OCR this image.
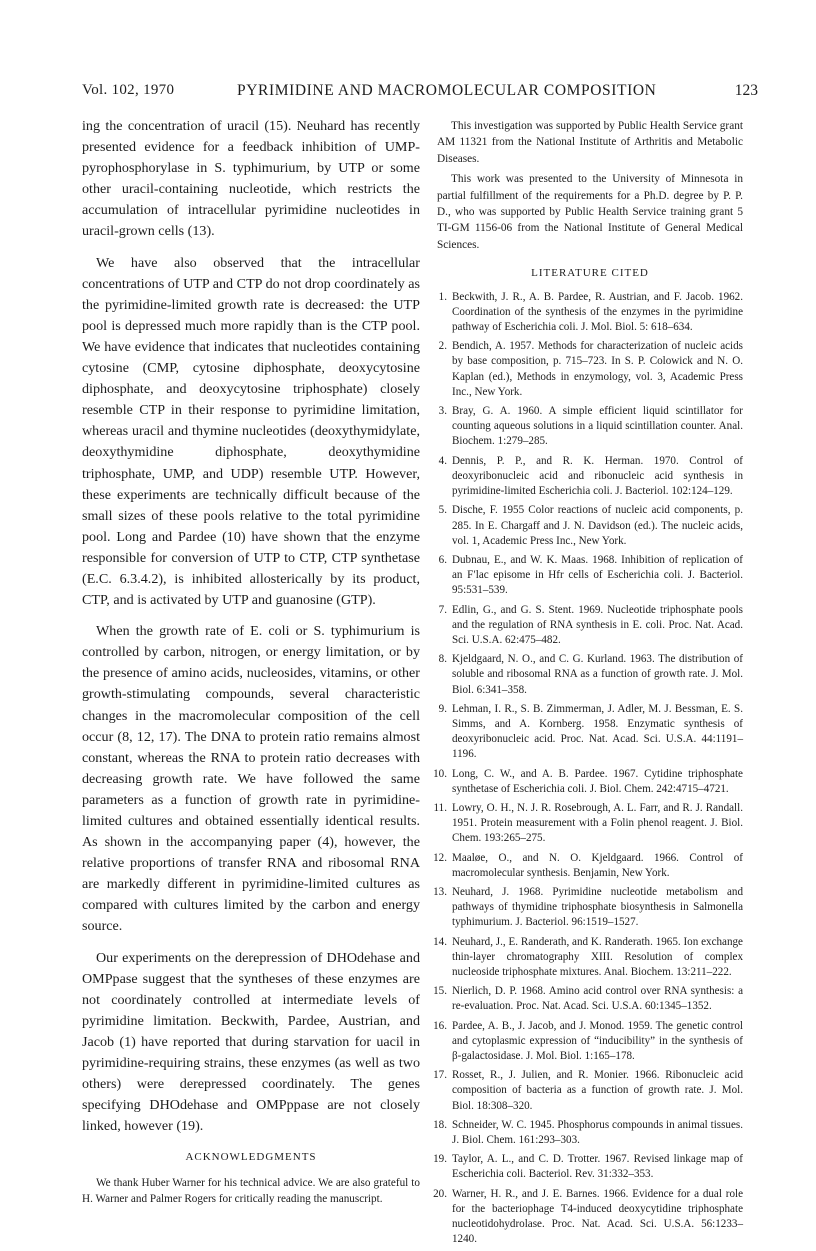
Vol. 102, 1970	PYRIMIDINE AND MACROMOLECULAR COMPOSITION	123

ing the concentration of uracil (15). Neuhard has recently presented evidence for a feedback inhibition of UMP-pyrophosphorylase in S. typhimurium, by UTP or some other uracil-containing nucleotide, which restricts the accumulation of intracellular pyrimidine nucleotides in uracil-grown cells (13).

We have also observed that the intracellular concentrations of UTP and CTP do not drop coordinately as the pyrimidine-limited growth rate is decreased: the UTP pool is depressed much more rapidly than is the CTP pool. We have evidence that indicates that nucleotides containing cytosine (CMP, cytosine diphosphate, deoxycytosine diphosphate, and deoxycytosine triphosphate) closely resemble CTP in their response to pyrimidine limitation, whereas uracil and thymine nucleotides (deoxythymidylate, deoxythymidine diphosphate, deoxythymidine triphosphate, UMP, and UDP) resemble UTP. However, these experiments are technically difficult because of the small sizes of these pools relative to the total pyrimidine pool. Long and Pardee (10) have shown that the enzyme responsible for conversion of UTP to CTP, CTP synthetase (E.C. 6.3.4.2), is inhibited allosterically by its product, CTP, and is activated by UTP and guanosine (GTP).

When the growth rate of E. coli or S. typhimurium is controlled by carbon, nitrogen, or energy limitation, or by the presence of amino acids, nucleosides, vitamins, or other growth-stimulating compounds, several characteristic changes in the macromolecular composition of the cell occur (8, 12, 17). The DNA to protein ratio remains almost constant, whereas the RNA to protein ratio decreases with decreasing growth rate. We have followed the same parameters as a function of growth rate in pyrimidine-limited cultures and obtained essentially identical results. As shown in the accompanying paper (4), however, the relative proportions of transfer RNA and ribosomal RNA are markedly different in pyrimidine-limited cultures as compared with cultures limited by the carbon and energy source.

Our experiments on the derepression of DHOdehase and OMPpase suggest that the syntheses of these enzymes are not coordinately controlled at intermediate levels of pyrimidine limitation. Beckwith, Pardee, Austrian, and Jacob (1) have reported that during starvation for uacil in pyrimidine-requiring strains, these enzymes (as well as two others) were derepressed coordinately. The genes specifying DHOdehase and OMPppase are not closely linked, however (19).

ACKNOWLEDGMENTS
We thank Huber Warner for his technical advice. We are also grateful to H. Warner and Palmer Rogers for critically reading the manuscript.

This investigation was supported by Public Health Service grant AM 11321 from the National Institute of Arthritis and Metabolic Diseases.

This work was presented to the University of Minnesota in partial fulfillment of the requirements for a Ph.D. degree by P. P. D., who was supported by Public Health Service training grant 5 TI-GM 1156-06 from the National Institute of General Medical Sciences.

LITERATURE CITED
1. Beckwith, J. R., A. B. Pardee, R. Austrian, and F. Jacob. 1962. Coordination of the synthesis of the enzymes in the pyrimidine pathway of Escherichia coli. J. Mol. Biol. 5: 618–634.
2. Bendich, A. 1957. Methods for characterization of nucleic acids by base composition, p. 715–723. In S. P. Colowick and N. O. Kaplan (ed.), Methods in enzymology, vol. 3, Academic Press Inc., New York.
3. Bray, G. A. 1960. A simple efficient liquid scintillator for counting aqueous solutions in a liquid scintillation counter. Anal. Biochem. 1:279–285.
4. Dennis, P. P., and R. K. Herman. 1970. Control of deoxyribonucleic acid and ribonucleic acid synthesis in pyrimidine-limited Escherichia coli. J. Bacteriol. 102:124–129.
5. Dische, F. 1955 Color reactions of nucleic acid components, p. 285. In E. Chargaff and J. N. Davidson (ed.). The nucleic acids, vol. 1, Academic Press Inc., New York.
6. Dubnau, E., and W. K. Maas. 1968. Inhibition of replication of an F′lac episome in Hfr cells of Escherichia coli. J. Bacteriol. 95:531–539.
7. Edlin, G., and G. S. Stent. 1969. Nucleotide triphosphate pools and the regulation of RNA synthesis in E. coli. Proc. Nat. Acad. Sci. U.S.A. 62:475–482.
8. Kjeldgaard, N. O., and C. G. Kurland. 1963. The distribution of soluble and ribosomal RNA as a function of growth rate. J. Mol. Biol. 6:341–358.
9. Lehman, I. R., S. B. Zimmerman, J. Adler, M. J. Bessman, E. S. Simms, and A. Kornberg. 1958. Enzymatic synthesis of deoxyribonucleic acid. Proc. Nat. Acad. Sci. U.S.A. 44:1191–1196.
10. Long, C. W., and A. B. Pardee. 1967. Cytidine triphosphate synthetase of Escherichia coli. J. Biol. Chem. 242:4715–4721.
11. Lowry, O. H., N. J. R. Rosebrough, A. L. Farr, and R. J. Randall. 1951. Protein measurement with a Folin phenol reagent. J. Biol. Chem. 193:265–275.
12. Maaløe, O., and N. O. Kjeldgaard. 1966. Control of macromolecular synthesis. Benjamin, New York.
13. Neuhard, J. 1968. Pyrimidine nucleotide metabolism and pathways of thymidine triphosphate biosynthesis in Salmonella typhimurium. J. Bacteriol. 96:1519–1527.
14. Neuhard, J., E. Randerath, and K. Randerath. 1965. Ion exchange thin-layer chromatography XIII. Resolution of complex nucleoside triphosphate mixtures. Anal. Biochem. 13:211–222.
15. Nierlich, D. P. 1968. Amino acid control over RNA synthesis: a re-evaluation. Proc. Nat. Acad. Sci. U.S.A. 60:1345–1352.
16. Pardee, A. B., J. Jacob, and J. Monod. 1959. The genetic control and cytoplasmic expression of “inducibility” in the synthesis of β-galactosidase. J. Mol. Biol. 1:165–178.
17. Rosset, R., J. Julien, and R. Monier. 1966. Ribonucleic acid composition of bacteria as a function of growth rate. J. Mol. Biol. 18:308–320.
18. Schneider, W. C. 1945. Phosphorus compounds in animal tissues. J. Biol. Chem. 161:293–303.
19. Taylor, A. L., and C. D. Trotter. 1967. Revised linkage map of Escherichia coli. Bacteriol. Rev. 31:332–353.
20. Warner, H. R., and J. E. Barnes. 1966. Evidence for a dual role for the bacteriophage T4-induced deoxycytidine triphosphate nucleotidohydrolase. Proc. Nat. Acad. Sci. U.S.A. 56:1233–1240.
